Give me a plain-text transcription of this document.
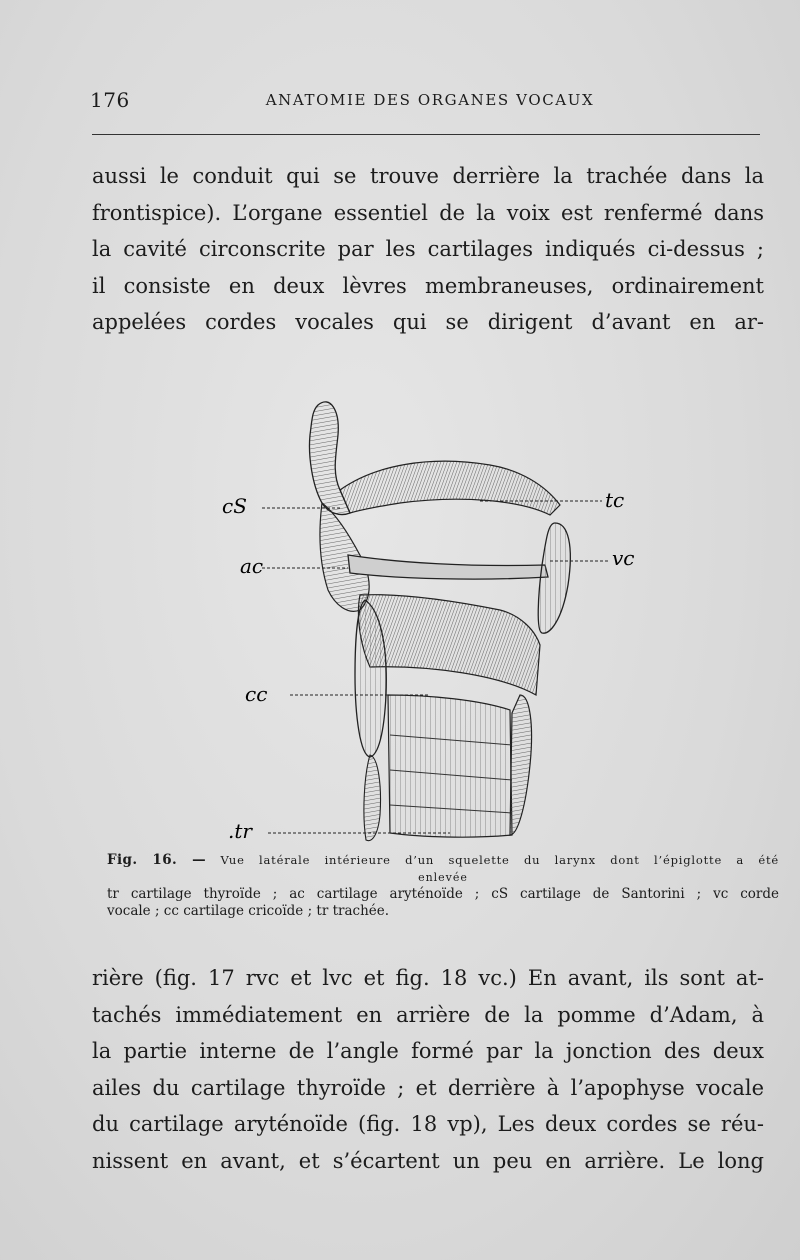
176	ANATOMIE DES ORGANES VOCAUX
aussi le conduit qui se trouve derrière la trachée dans la
frontispice). L’organe essentiel de la voix est renfermé dans
la cavité circonscrite par les cartilages indiqués ci-dessus ;
il consiste en deux lèvres membraneuses, ordinairement
appelées cordes vocales qui se dirigent d’avant en ar-
cS	tc
ac	vc
cc
.tr
Fig. 16. — Vue latérale intérieure d’un squelette du larynx dont l’épiglotte a été
enlevée
tr cartilage thyroïde ; ac cartilage aryténoïde ; cS cartilage de Santorini ; vc corde
vocale ; cc cartilage cricoïde ; tr trachée.
rière (fig. 17 rvc et lvc et fig. 18 vc.) En avant, ils sont at-
tachés immédiatement en arrière de la pomme d’Adam, à
la partie interne de l’angle formé par la jonction des deux
ailes du cartilage thyroïde ; et derrière à l’apophyse vocale
du cartilage aryténoïde (fig. 18 vp), Les deux cordes se réu-
nissent en avant, et s’écartent un peu en arrière. Le long
